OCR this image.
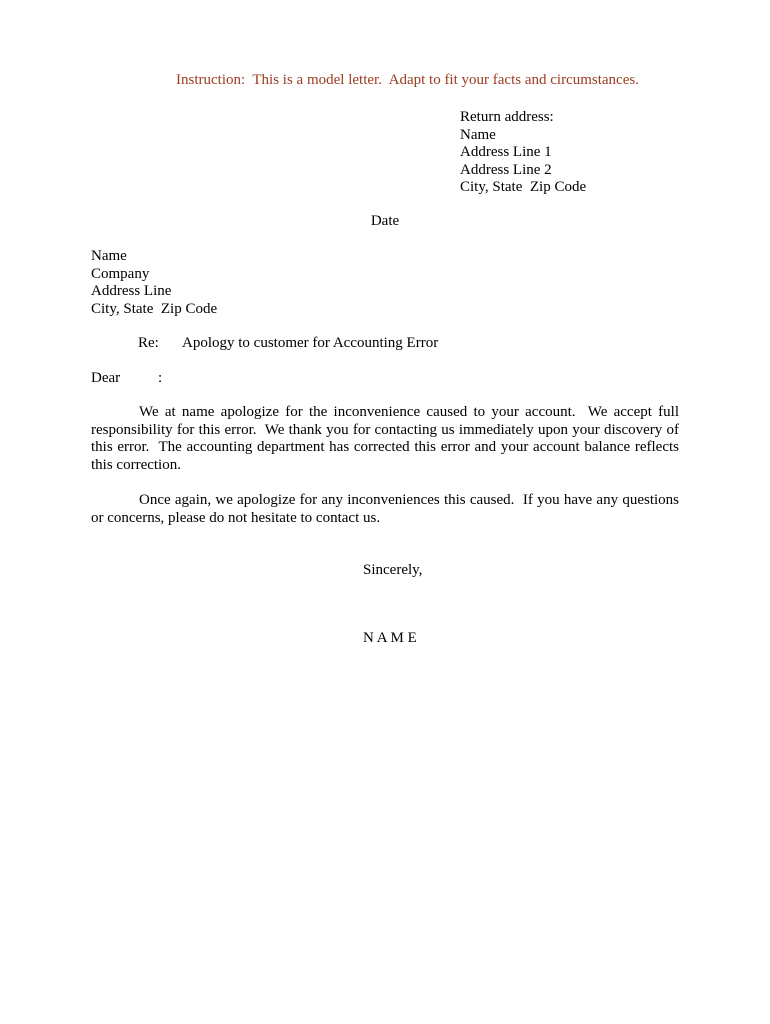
Instruction:  This is a model letter.  Adapt to fit your facts and circumstances.
Return address:
Name
Address Line 1
Address Line 2
City, State  Zip Code
Date
Name
Company
Address Line
City, State  Zip Code
Re: Apology to customer for Accounting Error
Dear	:
We at name apologize for the inconvenience caused to your account.  We accept full responsibility for this error.  We thank you for contacting us immediately upon your discovery of this error.  The accounting department has corrected this error and your account balance reflects this correction.
Once again, we apologize for any inconveniences this caused.  If you have any questions or concerns, please do not hesitate to contact us.
Sincerely,
N A M E
